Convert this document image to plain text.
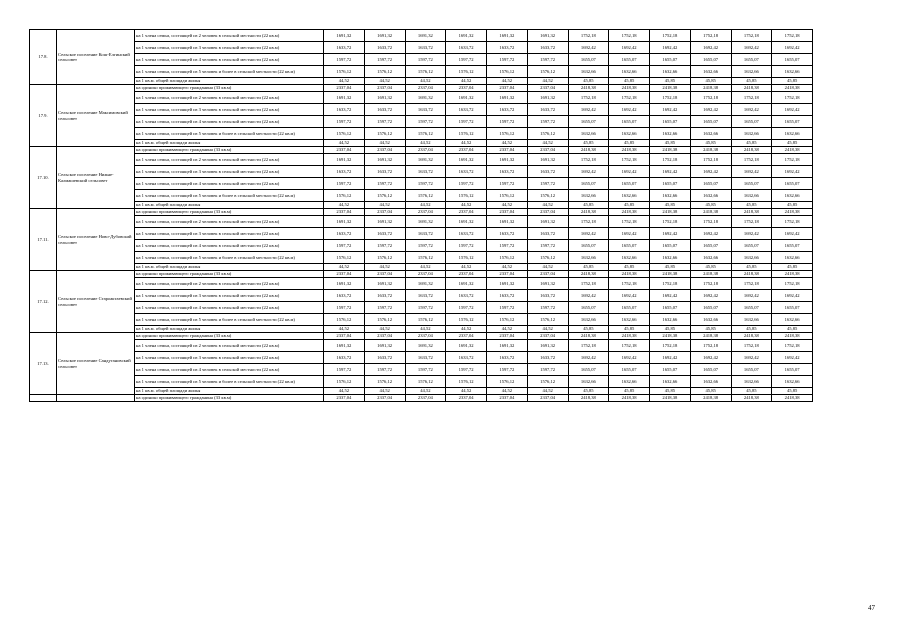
17.8.	Сельское поселение Кош-Елгинский сельсовет	на 1 члена семьи, состоящей из 2 человек в сельской местности (22 кв.м)	1691,32	1691,32	1691,32	1691,32	1691,32	1691,32	1752,18	1752,18	1752,18	1752,18	1752,18	1752,18
		на 1 члена семьи, состоящей из 3 человек в сельской местности (22 кв.м)	1633,72	1633,72	1633,72	1633,72	1633,72	1633,72	1692,42	1692,42	1692,42	1692,42	1692,42	1692,42
		на 1 члена семьи, состоящей из 4 человек в сельской местности (22 кв.м)	1597,72	1597,72	1597,72	1597,72	1597,72	1597,72	1655,07	1655,07	1655,07	1655,07	1655,07	1655,07
		на 1 члена семьи, состоящей из 5 человек и более в сельской местности (22 кв.м)	1576,12	1576,12	1576,12	1576,12	1576,12	1576,12	1632,66	1632,66	1632,66	1632,66	1632,66	1632,66
		на 1 кв.м. общей площади жилья	44,52	44,52	44,52	44,52	44,52	44,52	45,85	45,85	45,85	45,85	45,85	45,85
17.9.	Сельское поселение Максимовский сельсовет	на одиноко проживающего гражданина (33 кв.м)	2337,04	2337,04	2337,04	2337,04	2337,04	2337,04	2418,38	2418,38	2418,38	2418,38	2418,38	2418,38
		на 1 члена семьи, состоящей из 2 человек в сельской местности (22 кв.м)	1691,32	1691,32	1691,32	1691,32	1691,32	1691,32	1752,18	1752,18	1752,18	1752,18	1752,18	1752,18
		на 1 члена семьи, состоящей из 3 человек в сельской местности (22 кв.м)	1633,72	1633,72	1633,72	1633,72	1633,72	1633,72	1692,42	1692,42	1692,42	1692,42	1692,42	1692,42
		на 1 члена семьи, состоящей из 4 человек в сельской местности (22 кв.м)	1597,72	1597,72	1597,72	1597,72	1597,72	1597,72	1655,07	1655,07	1655,07	1655,07	1655,07	1655,07
		на 1 члена семьи, состоящей из 5 человек и более в сельской местности (22 кв.м)	1576,12	1576,12	1576,12	1576,12	1576,12	1576,12	1632,66	1632,66	1632,66	1632,66	1632,66	1632,66
		на 1 кв.м. общей площади жилья	44,52	44,52	44,52	44,52	44,52	44,52	45,85	45,85	45,85	45,85	45,85	45,85
17.10.	Сельское поселение Нижне-Калмашевский сельсовет	на одиноко проживающего гражданина (33 кв.м)	2337,04	2337,04	2337,04	2337,04	2337,04	2337,04	2418,38	2418,38	2418,38	2418,38	2418,38	2418,38
		на 1 члена семьи, состоящей из 2 человек в сельской местности (22 кв.м)	1691,32	1691,32	1691,32	1691,32	1691,32	1691,32	1752,18	1752,18	1752,18	1752,18	1752,18	1752,18
		на 1 члена семьи, состоящей из 3 человек в сельской местности (22 кв.м)	1633,72	1633,72	1633,72	1633,72	1633,72	1633,72	1692,42	1692,42	1692,42	1692,42	1692,42	1692,42
		на 1 члена семьи, состоящей из 4 человек в сельской местности (22 кв.м)	1597,72	1597,72	1597,72	1597,72	1597,72	1597,72	1655,07	1655,07	1655,07	1655,07	1655,07	1655,07
		на 1 члена семьи, состоящей из 5 человек и более в сельской местности (22 кв.м)	1576,12	1576,12	1576,12	1576,12	1576,12	1576,12	1632,66	1632,66	1632,66	1632,66	1632,66	1632,66
		на 1 кв.м. общей площади жилья	44,52	44,52	44,52	44,52	44,52	44,52	45,85	45,85	45,85	45,85	45,85	45,85
17.11.	Сельское поселение Ново-Дубовский сельсовет	на одиноко проживающего гражданина (33 кв.м)	2337,04	2337,04	2337,04	2337,04	2337,04	2337,04	2418,38	2418,38	2418,38	2418,38	2418,38	2418,38
		на 1 члена семьи, состоящей из 2 человек в сельской местности (22 кв.м)	1691,32	1691,32	1691,32	1691,32	1691,32	1691,32	1752,18	1752,18	1752,18	1752,18	1752,18	1752,18
		на 1 члена семьи, состоящей из 3 человек в сельской местности (22 кв.м)	1633,72	1633,72	1633,72	1633,72	1633,72	1633,72	1692,42	1692,42	1692,42	1692,42	1692,42	1692,42
		на 1 члена семьи, состоящей из 4 человек в сельской местности (22 кв.м)	1597,72	1597,72	1597,72	1597,72	1597,72	1597,72	1655,07	1655,07	1655,07	1655,07	1655,07	1655,07
		на 1 члена семьи, состоящей из 5 человек и более в сельской местности (22 кв.м)	1576,12	1576,12	1576,12	1576,12	1576,12	1576,12	1632,66	1632,66	1632,66	1632,66	1632,66	1632,66
		на 1 кв.м. общей площади жилья	44,52	44,52	44,52	44,52	44,52	44,52	45,85	45,85	45,85	45,85	45,85	45,85
17.12.	Сельское поселение Староактаевский сельсовет	на одиноко проживающего гражданина (33 кв.м)	2337,04	2337,04	2337,04	2337,04	2337,04	2337,04	2418,38	2418,38	2418,38	2418,38	2418,38	2418,38
		на 1 члена семьи, состоящей из 2 человек в сельской местности (22 кв.м)	1691,32	1691,32	1691,32	1691,32	1691,32	1691,32	1752,18	1752,18	1752,18	1752,18	1752,18	1752,18
		на 1 члена семьи, состоящей из 3 человек в сельской местности (22 кв.м)	1633,72	1633,72	1633,72	1633,72	1633,72	1633,72	1692,42	1692,42	1692,42	1692,42	1692,42	1692,42
		на 1 члена семьи, состоящей из 4 человек в сельской местности (22 кв.м)	1597,72	1597,72	1597,72	1597,72	1597,72	1597,72	1655,07	1655,07	1655,07	1655,07	1655,07	1655,07
		на 1 члена семьи, состоящей из 5 человек и более в сельской местности (22 кв.м)	1576,12	1576,12	1576,12	1576,12	1576,12	1576,12	1632,66	1632,66	1632,66	1632,66	1632,66	1632,66
		на 1 кв.м. общей площади жилья	44,52	44,52	44,52	44,52	44,52	44,52	45,85	45,85	45,85	45,85	45,85	45,85
17.13.	Сельское поселение Сандугановский сельсовет	на одиноко проживающего гражданина (33 кв.м)	2337,04	2337,04	2337,04	2337,04	2337,04	2337,04	2418,38	2418,38	2418,38	2418,38	2418,38	2418,38
		на 1 члена семьи, состоящей из 2 человек в сельской местности (22 кв.м)	1691,32	1691,32	1691,32	1691,32	1691,32	1691,32	1752,18	1752,18	1752,18	1752,18	1752,18	1752,18
		на 1 члена семьи, состоящей из 3 человек в сельской местности (22 кв.м)	1633,72	1633,72	1633,72	1633,72	1633,72	1633,72	1692,42	1692,42	1692,42	1692,42	1692,42	1692,42
		на 1 члена семьи, состоящей из 4 человек в сельской местности (22 кв.м)	1597,72	1597,72	1597,72	1597,72	1597,72	1597,72	1655,07	1655,07	1655,07	1655,07	1655,07	1655,07
		на 1 члена семьи, состоящей из 5 человек и более в сельской местности (22 кв.м)	1576,12	1576,12	1576,12	1576,12	1576,12	1576,12	1632,66	1632,66	1632,66	1632,66	1632,66	1632,66
		на 1 кв.м. общей площади жилья	44,52	44,52	44,52	44,52	44,52	44,52	45,85	45,85	45,85	45,85	45,85	45,85
		на одиноко проживающего гражданина (33 кв.м)	2337,04	2337,04	2337,04	2337,04	2337,04	2337,04	2418,38	2418,38	2418,38	2418,38	2418,38	2418,38
47
